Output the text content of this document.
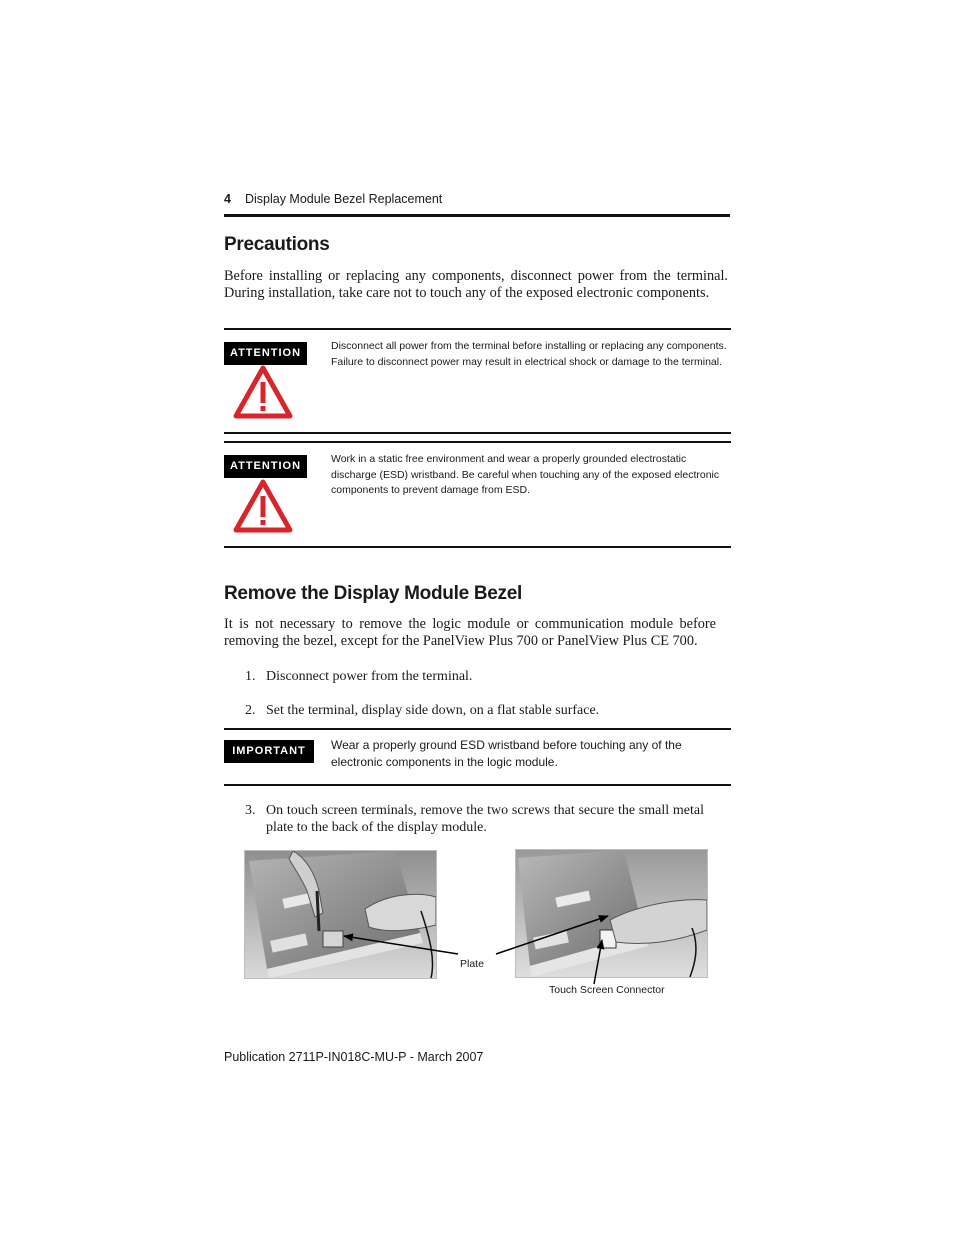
4 Display Module Bezel Replacement
Precautions
Before installing or replacing any components, disconnect power from the terminal. During installation, take care not to touch any of the exposed electronic components.
ATTENTION
Disconnect all power from the terminal before installing or replacing any components. Failure to disconnect power may result in electrical shock or damage to the terminal.
ATTENTION
Work in a static free environment and wear a properly grounded electrostatic discharge (ESD) wristband. Be careful when touching any of the exposed electronic components to prevent damage from ESD.
Remove the Display Module Bezel
It is not necessary to remove the logic module or communication module before removing the bezel, except for the PanelView Plus 700 or PanelView Plus CE 700.
1. Disconnect power from the terminal.
2. Set the terminal, display side down, on a flat stable surface.
IMPORTANT	Wear a properly ground ESD wristband before touching any of the electronic components in the logic module.
3. On touch screen terminals, remove the two screws that secure the small metal plate to the back of the display module.
Plate
Touch Screen Connector
Publication 2711P-IN018C-MU-P - March 2007
